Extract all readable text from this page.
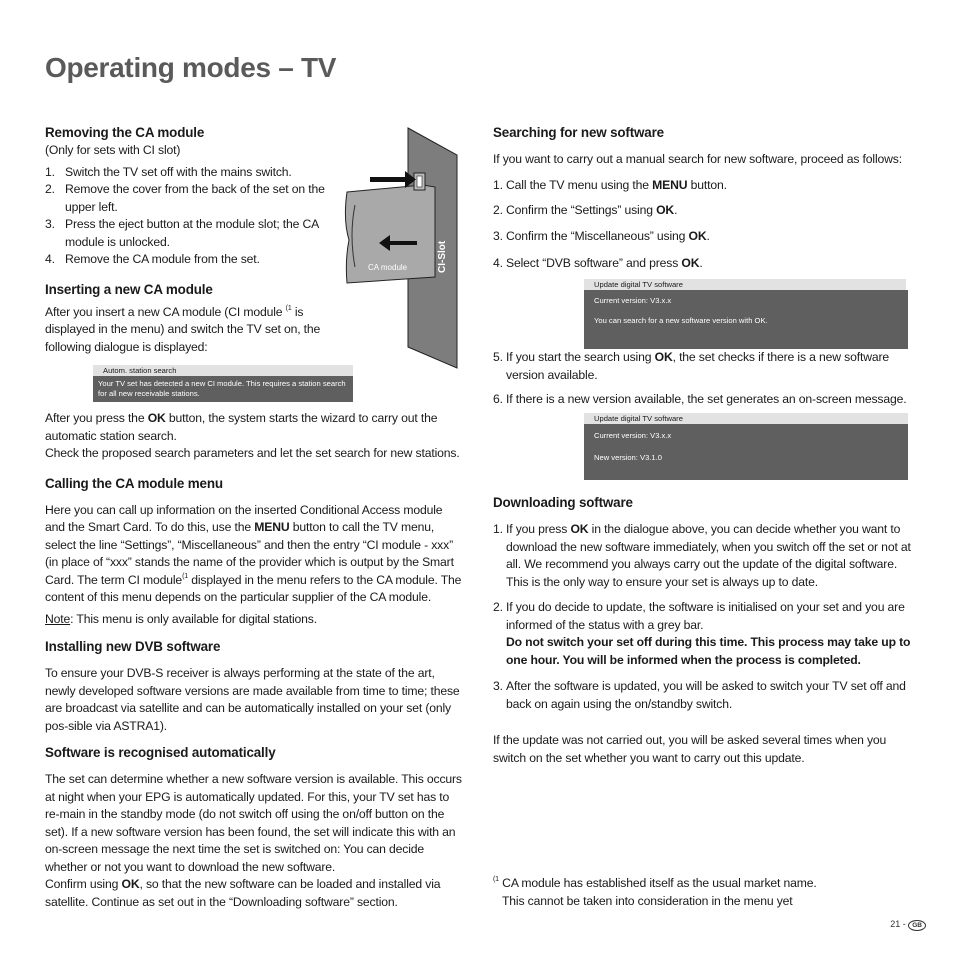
Operating modes – TV
Removing the CA module

(Only for sets with CI slot)

1. Switch the TV set off with the mains switch.
2. Remove the cover from the back of the set on the upper left.
3. Press the eject button at the module slot; the CA module is unlocked.
4. Remove the CA module from the set.
Inserting a new CA module

After you insert a new CA module (CI module $^{(1}$ is displayed in the menu) and switch the TV set on, the following dialogue is displayed:

Autom. station search
Your TV set has detected a new CI module. This requires a station search for all new receivable stations.

After you press the OK button, the system starts the wizard to carry out the automatic station search.

Check the proposed search parameters and let the set search for new stations.

Calling the CA module menu

Here you can call up information on the inserted Conditional Access module and the Smart Card. To do this, use the MENU button to call the TV menu, select the line “Settings”, “Miscellaneous” and then the entry “CI module - xxx” (in place of “xxx” stands the name of the provider which is output by the Smart Card. The term CI module$^{(1}$ displayed in the menu refers to the CA module. The content of this menu depends on the particular supplier of the CA module.

Note: This menu is only available for digital stations.

Installing new DVB software

To ensure your DVB-S receiver is always performing at the state of the art, newly developed software versions are made available from time to time; these are broadcast via satellite and can be automatically installed on your set (only pos-sible via ASTRA1).

Software is recognised automatically

The set can determine whether a new software version is available. This occurs at night when your EPG is automatically updated. For this, your TV set has to re-main in the standby mode (do not switch off using the on/off button on the set). If a new software version has been found, the set will indicate this with an on-screen message the next time the set is switched on: You can decide whether or not you want to download the new software.

Confirm using OK, so that the new software can be loaded and installed via satellite. Continue as set out in the “Downloading software” section.

CA module	CI-Slot
Searching for new software

If you want to carry out a manual search for new software, proceed as follows:

1. Call the TV menu using the MENU button.

2. Confirm the “Settings” using OK.

3. Confirm the “Miscellaneous” using OK.

4. Select “DVB software” and press OK.

Update digital TV software
Current version: V3.x.x
You can search for a new software version with OK.

5. If you start the search using OK, the set checks if there is a new software version available.

6. If there is a new version available, the set generates an on-screen message.

Update digital TV software
Current version: V3.x.x
New version: V3.1.0
Downloading software

1. If you press OK in the dialogue above, you can decide whether you want to download the new software immediately, when you switch off the set or not at all. We recommend you always carry out the update of the digital software. This is the only way to ensure your set is always up to date.

2. If you do decide to update, the software is initialised on your set and you are informed of the status with a grey bar.
Do not switch your set off during this time. This process may take up to one hour. You will be informed when the process is completed.

3. After the software is updated, you will be asked to switch your TV set off and back on again using the on/standby switch.

If the update was not carried out, you will be asked several times when you switch on the set whether you want to carry out this update.

$^{(1}$ CA module has established itself as the usual market name.

This cannot be taken into consideration in the menu yet

21 - GB
